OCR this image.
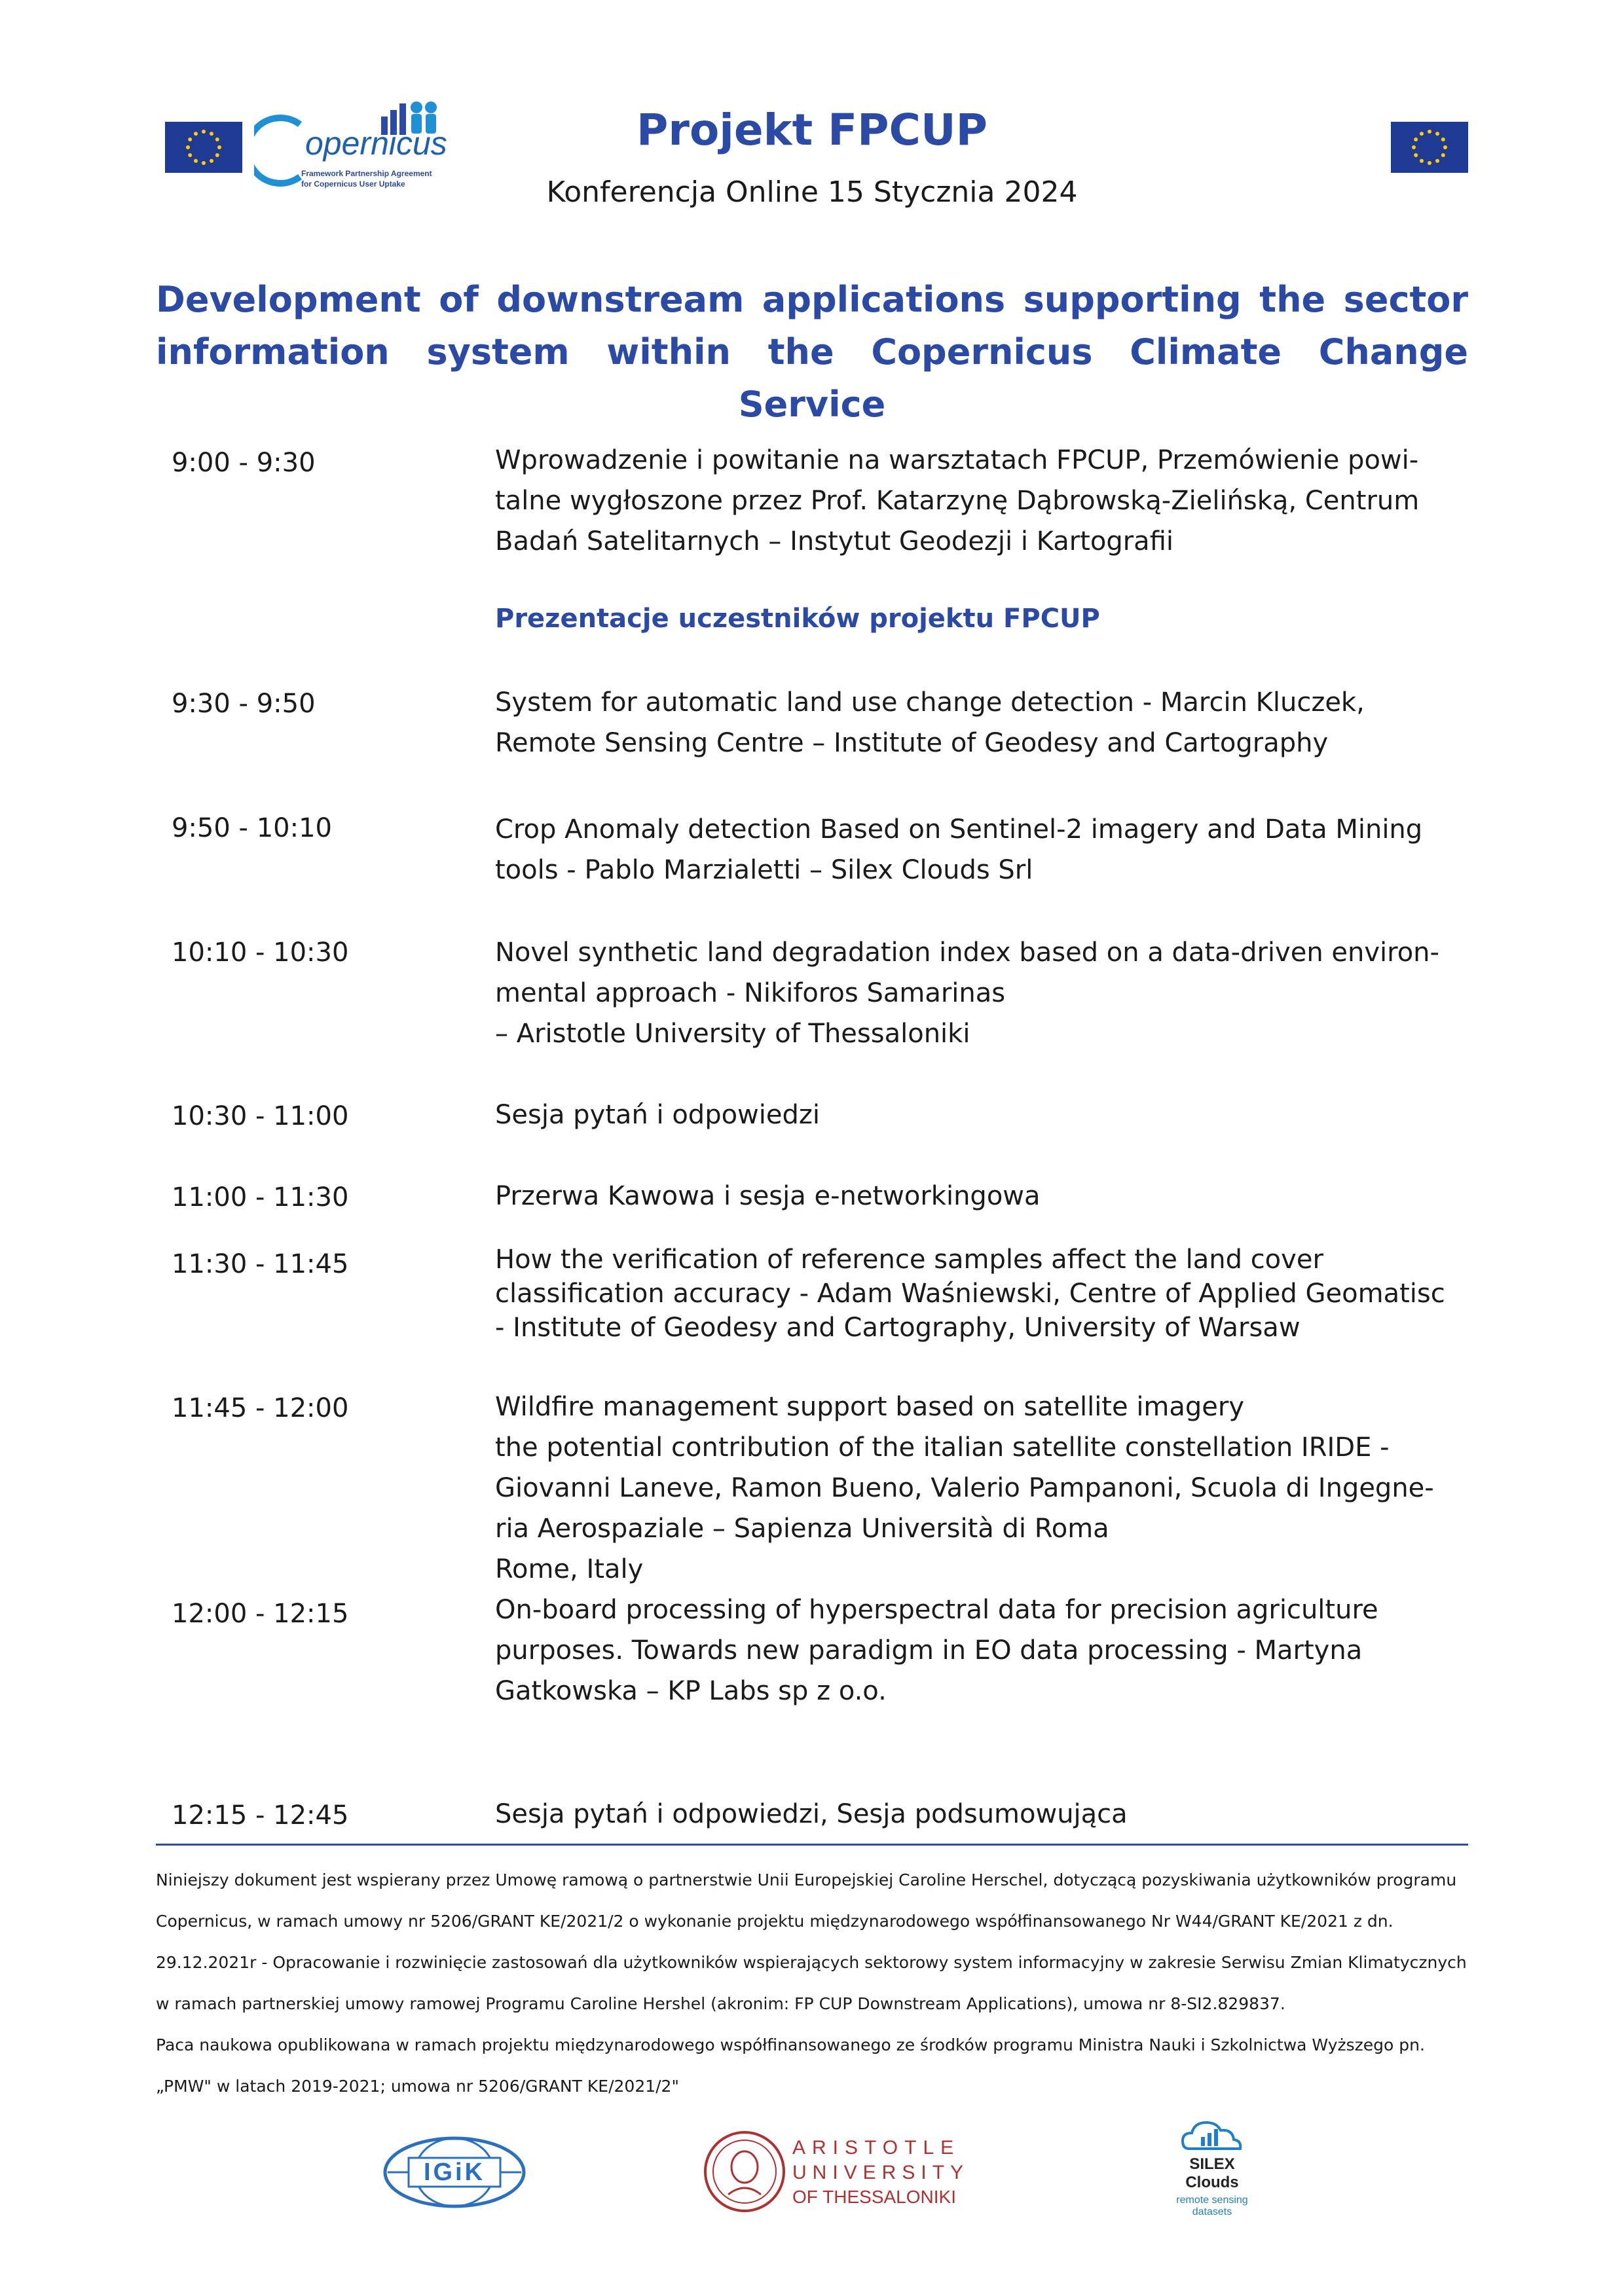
opernicus
Framework Partnership Agreement
for Copernicus User Uptake
Projekt FPCUP
Konferencja Online 15 Stycznia 2024
Development of downstream applications supporting the sector information system within the Copernicus Climate Change Service
9:00 - 9:30	Wprowadzenie i powitanie na warsztatach FPCUP, Przemówienie powi-
talne wygłoszone przez Prof. Katarzynę Dąbrowską-Zielińską, Centrum
Badań Satelitarnych – Instytut Geodezji i Kartografii
Prezentacje uczestników projektu FPCUP
9:30 - 9:50	System for automatic land use change detection - Marcin Kluczek,
Remote Sensing Centre – Institute of Geodesy and Cartography
9:50 - 10:10	Crop Anomaly detection Based on Sentinel-2 imagery and Data Mining
tools - Pablo Marzialetti – Silex Clouds Srl
10:10 - 10:30	Novel synthetic land degradation index based on a data-driven environ-
mental approach - Nikiforos Samarinas
– Aristotle University of Thessaloniki
10:30 - 11:00	Sesja pytań i odpowiedzi
11:00 - 11:30	Przerwa Kawowa i sesja e-networkingowa
11:30 - 11:45	How the verification of reference samples affect the land cover
classification accuracy - Adam Waśniewski, Centre of Applied Geomatisc
- Institute of Geodesy and Cartography, University of Warsaw
11:45 - 12:00	Wildfire management support based on satellite imagery
the potential contribution of the italian satellite constellation IRIDE -
Giovanni Laneve, Ramon Bueno, Valerio Pampanoni, Scuola di Ingegne-
ria Aerospaziale – Sapienza Università di Roma
Rome, Italy
12:00 - 12:15	On-board processing of hyperspectral data for precision agriculture
purposes. Towards new paradigm in EO data processing - Martyna
Gatkowska – KP Labs sp z o.o.
12:15 - 12:45	Sesja pytań i odpowiedzi, Sesja podsumowująca
Niniejszy dokument jest wspierany przez Umowę ramową o partnerstwie Unii Europejskiej Caroline Herschel, dotyczącą pozyskiwania użytkowników programu
Copernicus, w ramach umowy nr 5206/GRANT KE/2021/2 o wykonanie projektu międzynarodowego współfinansowanego Nr W44/GRANT KE/2021 z dn.
29.12.2021r - Opracowanie i rozwinięcie zastosowań dla użytkowników wspierających sektorowy system informacyjny w zakresie Serwisu Zmian Klimatycznych
w ramach partnerskiej umowy ramowej Programu Caroline Hershel (akronim: FP CUP Downstream Applications), umowa nr 8-SI2.829837.
Paca naukowa opublikowana w ramach projektu międzynarodowego współfinansowanego ze środków programu Ministra Nauki i Szkolnictwa Wyższego pn.
„PMW" w latach 2019-2021; umowa nr 5206/GRANT KE/2021/2"
IGiK
ARISTOTLE
UNIVERSITY
OF THESSALONIKI
SILEX
Clouds
remote sensing
datasets
